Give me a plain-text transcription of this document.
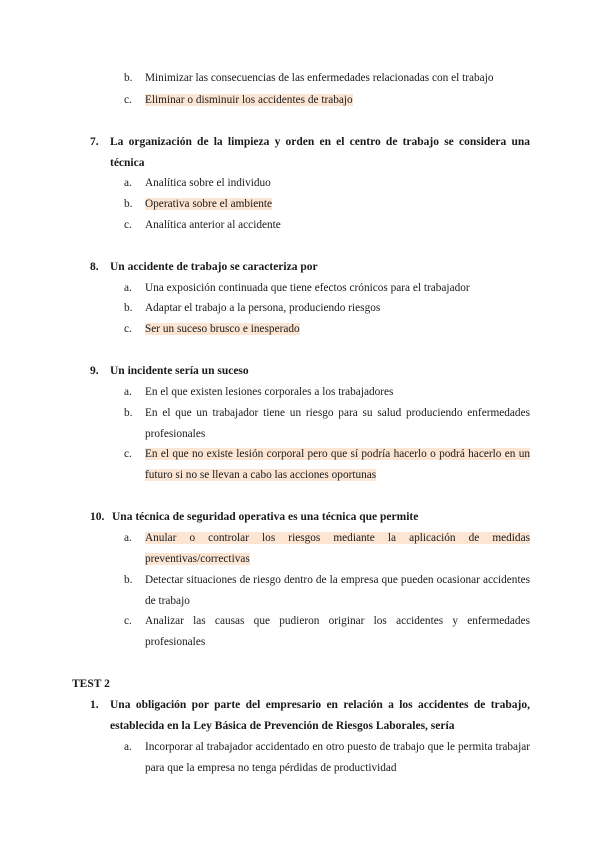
b. Minimizar las consecuencias de las enfermedades relacionadas con el trabajo
c. Eliminar o disminuir los accidentes de trabajo
7. La organización de la limpieza y orden en el centro de trabajo se considera una técnica
a. Analítica sobre el individuo
b. Operativa sobre el ambiente
c. Analítica anterior al accidente
8. Un accidente de trabajo se caracteriza por
a. Una exposición continuada que tiene efectos crónicos para el trabajador
b. Adaptar el trabajo a la persona, produciendo riesgos
c. Ser un suceso brusco e inesperado
9. Un incidente sería un suceso
a. En el que existen lesiones corporales a los trabajadores
b. En el que un trabajador tiene un riesgo para su salud produciendo enfermedades profesionales
c. En el que no existe lesión corporal pero que sí podría hacerlo o podrá hacerlo en un futuro si no se llevan a cabo las acciones oportunas
10. Una técnica de seguridad operativa es una técnica que permite
a. Anular o controlar los riesgos mediante la aplicación de medidas preventivas/correctivas
b. Detectar situaciones de riesgo dentro de la empresa que pueden ocasionar accidentes de trabajo
c. Analizar las causas que pudieron originar los accidentes y enfermedades profesionales
TEST 2
1. Una obligación por parte del empresario en relación a los accidentes de trabajo, establecida en la Ley Básica de Prevención de Riesgos Laborales, sería
a. Incorporar al trabajador accidentado en otro puesto de trabajo que le permita trabajar para que la empresa no tenga pérdidas de productividad
